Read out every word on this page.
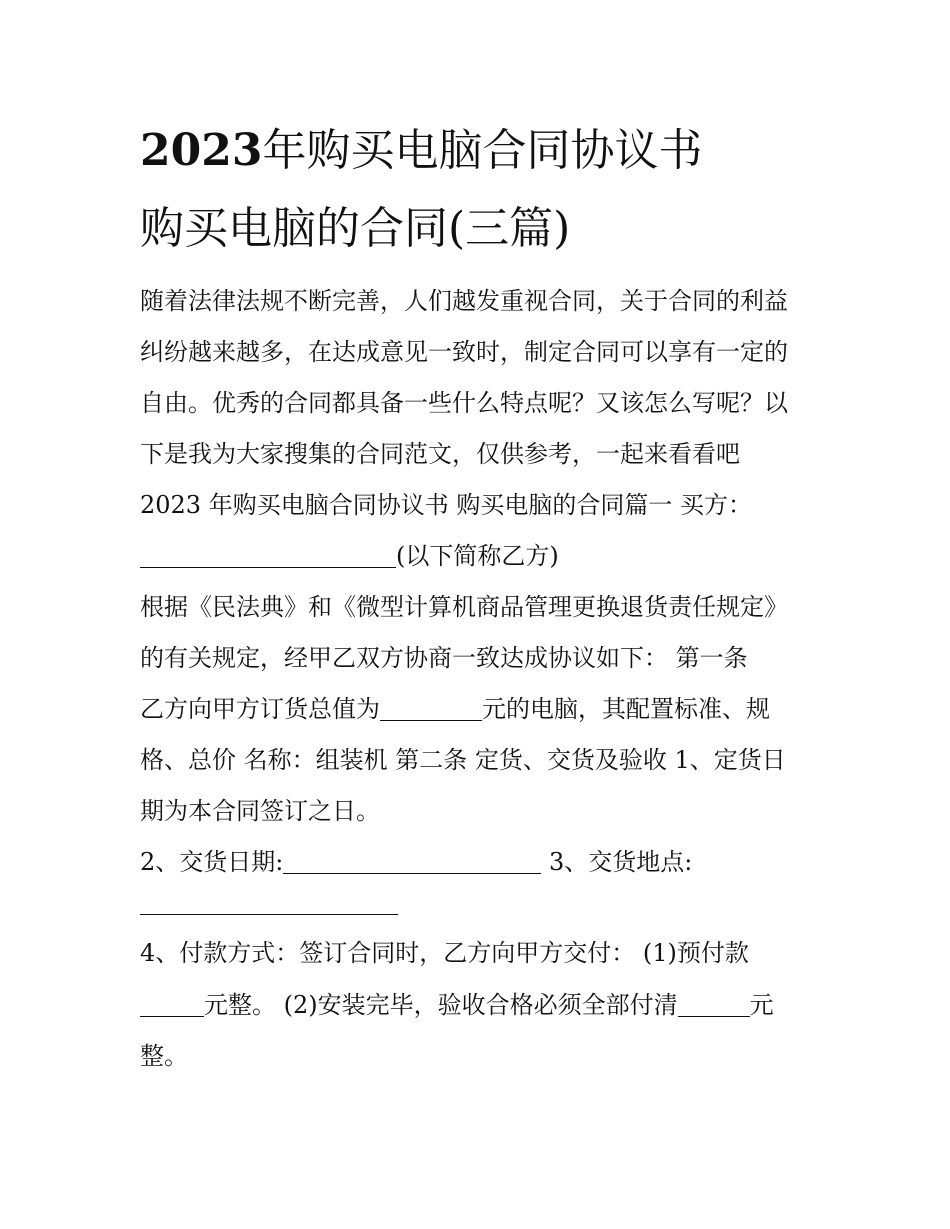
2023年购买电脑合同协议书
购买电脑的合同(三篇)
随着法律法规不断完善，人们越发重视合同，关于合同的利益
纠纷越来越多，在达成意见一致时，制定合同可以享有一定的
自由。优秀的合同都具备一些什么特点呢？又该怎么写呢？以
下是我为大家搜集的合同范文，仅供参考，一起来看看吧
2023 年购买电脑合同协议书 购买电脑的合同篇一 买方：
(以下简称乙方)
根据《民法典》和《微型计算机商品管理更换退货责任规定》
的有关规定，经甲乙双方协商一致达成协议如下： 第一条
乙方向甲方订货总值为	元的电脑，其配置标准、规
格、总价 名称：组装机 第二条 定货、交货及验收 1、定货日
期为本合同签订之日。
2、交货日期:	3、交货地点:
4、付款方式：签订合同时，乙方向甲方交付： (1)预付款
元整。 (2)安装完毕，验收合格必须全部付清	元
整。
